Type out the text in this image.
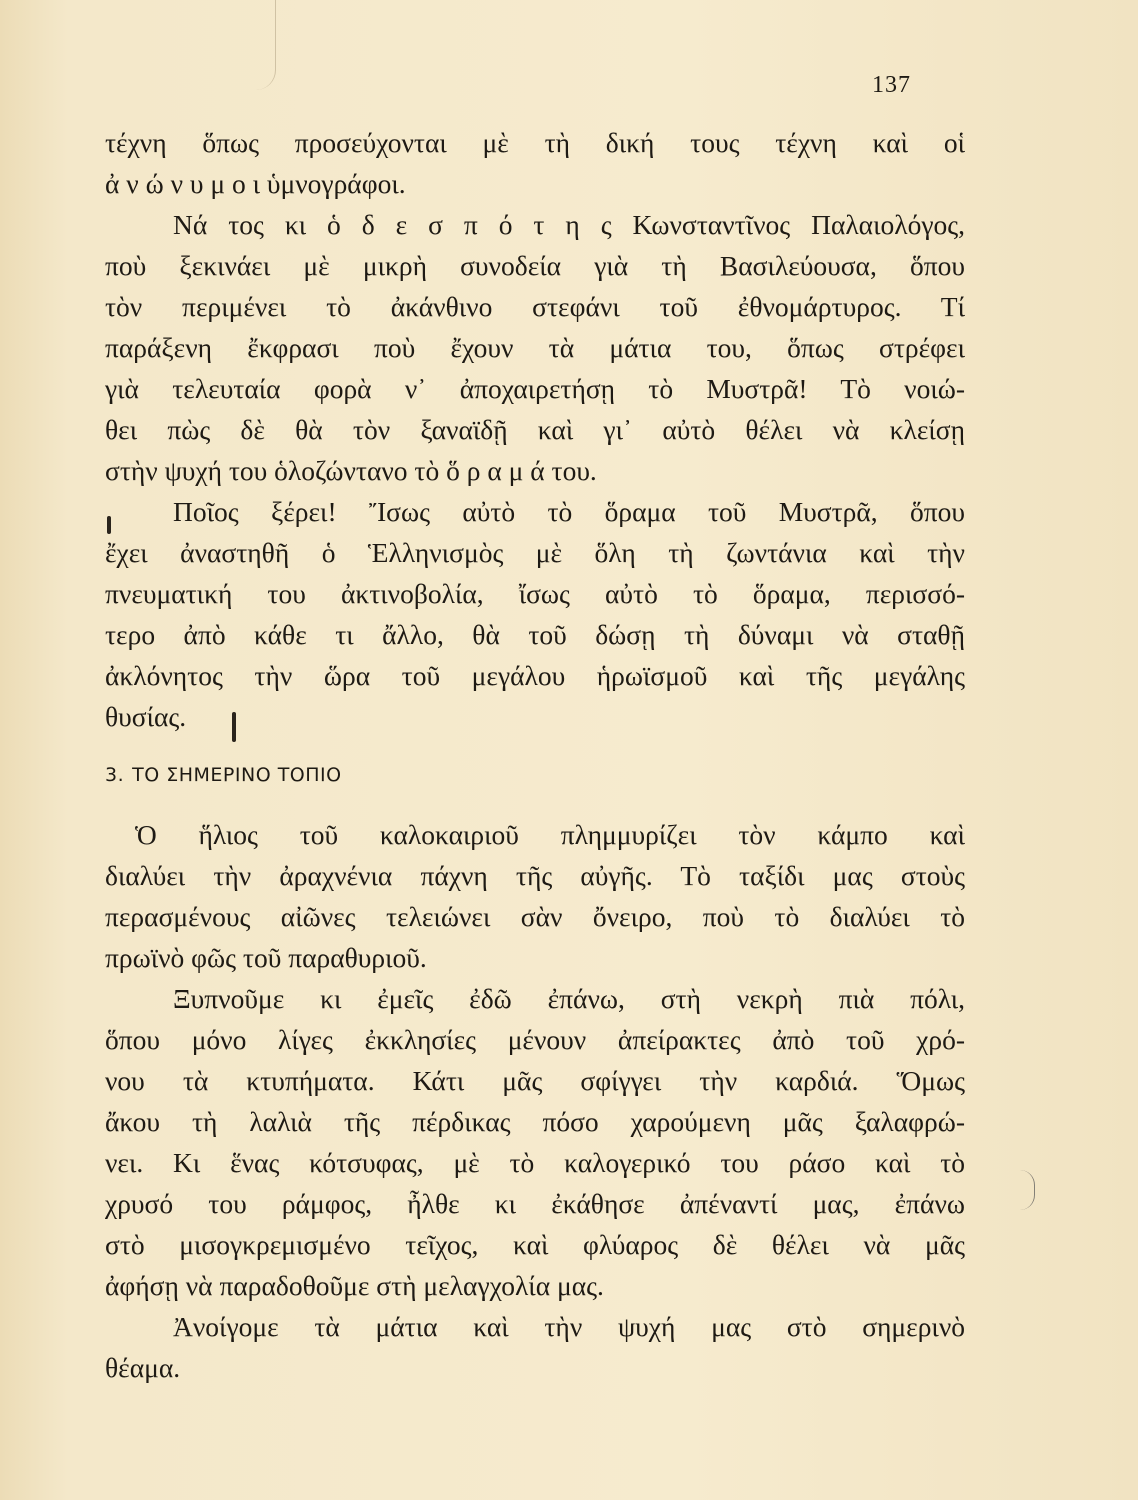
137
τέχνη ὅπως προσεύχονται μὲ τὴ δική τους τέχνη καὶ οἱ
ἀ ν ώ ν υ μ ο ι ὑμνογράφοι.
Νά τος κι ὁ δ ε σ π ό τ η ς Κωνσταντῖνος Παλαιολόγος,
ποὺ ξεκινάει μὲ μικρὴ συνοδεία γιὰ τὴ Βασιλεύουσα, ὅπου
τὸν περιμένει τὸ ἀκάνθινο στεφάνι τοῦ ἐθνομάρτυρος. Τί
παράξενη ἔκφρασι ποὺ ἔχουν τὰ μάτια του, ὅπως στρέφει
γιὰ τελευταία φορὰ ν᾽ ἀποχαιρετήσῃ τὸ Μυστρᾶ! Τὸ νοιώ-
θει πὼς δὲ θὰ τὸν ξαναϊδῇ καὶ γι᾽ αὐτὸ θέλει νὰ κλείσῃ
στὴν ψυχή του ὁλοζώντανο τὸ ὅ ρ α μ ά του.
Ποῖος ξέρει! Ἴσως αὐτὸ τὸ ὅραμα τοῦ Μυστρᾶ, ὅπου
ἔχει ἀναστηθῆ ὁ Ἑλληνισμὸς μὲ ὅλη τὴ ζωντάνια καὶ τὴν
πνευματική του ἀκτινοβολία, ἴσως αὐτὸ τὸ ὅραμα, περισσό-
τερο ἀπὸ κάθε τι ἄλλο, θὰ τοῦ δώσῃ τὴ δύναμι νὰ σταθῇ
ἀκλόνητος τὴν ὥρα τοῦ μεγάλου ἡρωϊσμοῦ καὶ τῆς μεγάλης
θυσίας.
3. ΤΟ ΣΗΜΕΡΙΝΟ ΤΟΠΙΟ
Ὁ ἥλιος τοῦ καλοκαιριοῦ πλημμυρίζει τὸν κάμπο καὶ
διαλύει τὴν ἀραχνένια πάχνη τῆς αὐγῆς. Τὸ ταξίδι μας στοὺς
περασμένους αἰῶνες τελειώνει σὰν ὄνειρο, ποὺ τὸ διαλύει τὸ
πρωϊνὸ φῶς τοῦ παραθυριοῦ.
Ξυπνοῦμε κι ἐμεῖς ἐδῶ ἐπάνω, στὴ νεκρὴ πιὰ πόλι,
ὅπου μόνο λίγες ἐκκλησίες μένουν ἀπείρακτες ἀπὸ τοῦ χρό-
νου τὰ κτυπήματα. Κάτι μᾶς σφίγγει τὴν καρδιά. Ὅμως
ἄκου τὴ λαλιὰ τῆς πέρδικας πόσο χαρούμενη μᾶς ξαλαφρώ-
νει. Κι ἕνας κότσυφας, μὲ τὸ καλογερικό του ράσο καὶ τὸ
χρυσό του ράμφος, ἦλθε κι ἐκάθησε ἀπέναντί μας, ἐπάνω
στὸ μισογκρεμισμένο τεῖχος, καὶ φλύαρος δὲ θέλει νὰ μᾶς
ἀφήσῃ νὰ παραδοθοῦμε στὴ μελαγχολία μας.
Ἀνοίγομε τὰ μάτια καὶ τὴν ψυχή μας στὸ σημερινὸ
θέαμα.
